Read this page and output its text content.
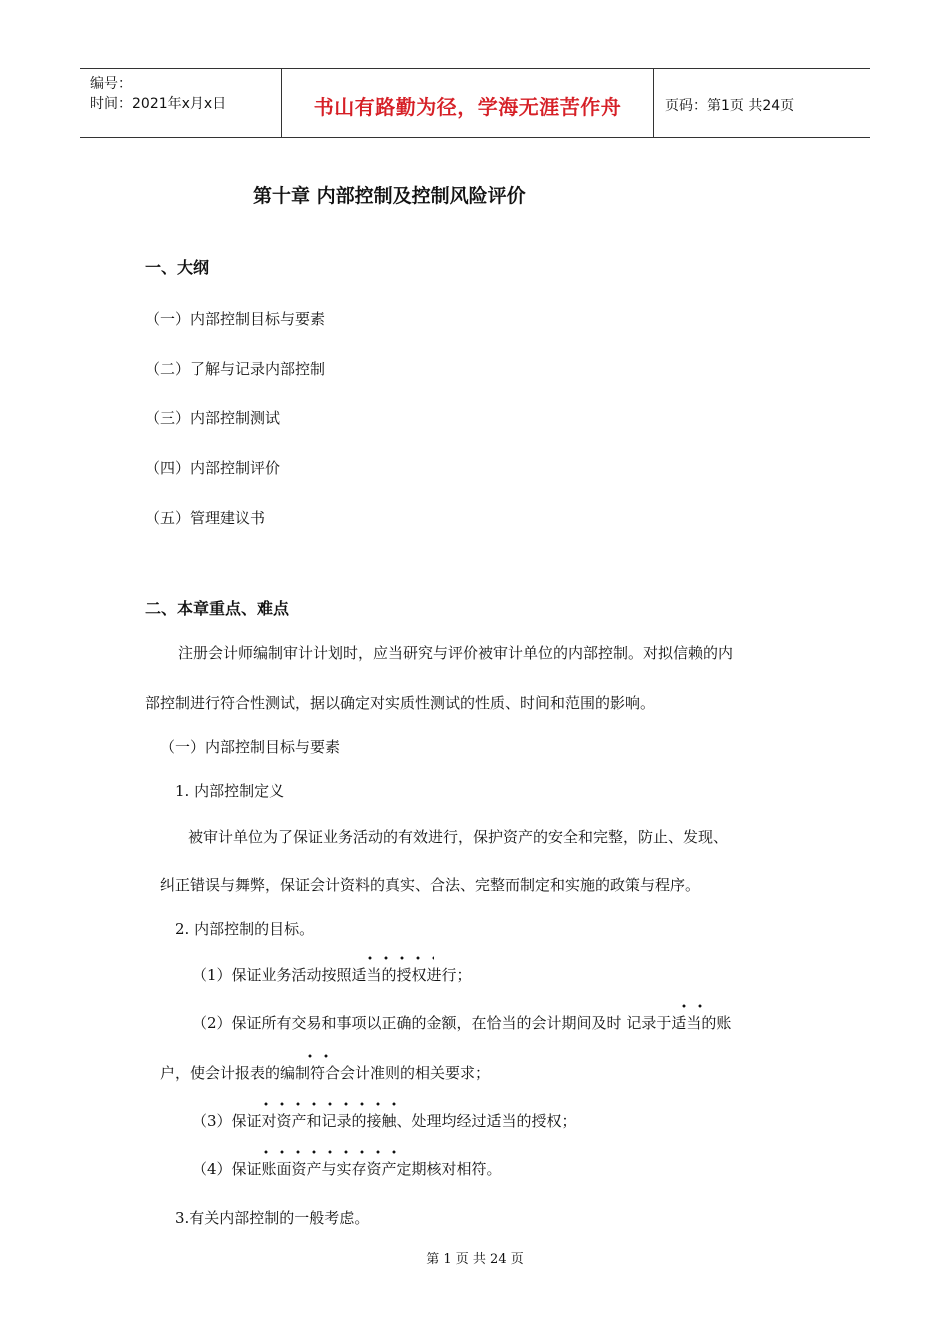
编号：
时间：2021年x月x日	书山有路勤为径，学海无涯苦作舟	页码：第1页 共24页
第十章 内部控制及控制风险评价
一、大纲
（一）内部控制目标与要素
（二）了解与记录内部控制
（三）内部控制测试
（四）内部控制评价
（五）管理建议书
二、本章重点、难点
注册会计师编制审计计划时，应当研究与评价被审计单位的内部控制。对拟信赖的内
部控制进行符合性测试，据以确定对实质性测试的性质、时间和范围的影响。
（一）内部控制目标与要素
1. 内部控制定义
被审计单位为了保证业务活动的有效进行，保护资产的安全和完整，防止、发现、
纠正错误与舞弊，保证会计资料的真实、合法、完整而制定和实施的政策与程序。
2. 内部控制的目标。
（1）保证业务活动按照适当的授权进行；
（2）保证所有交易和事项以正确的金额，在恰当的会计期间及时 记录于适当的账
户，使会计报表的编制符合会计准则的相关要求；
（3）保证对资产和记录的接触、处理均经过适当的授权；
（4）保证账面资产与实存资产定期核对相符。
3.有关内部控制的一般考虑。
第 1 页 共 24 页
